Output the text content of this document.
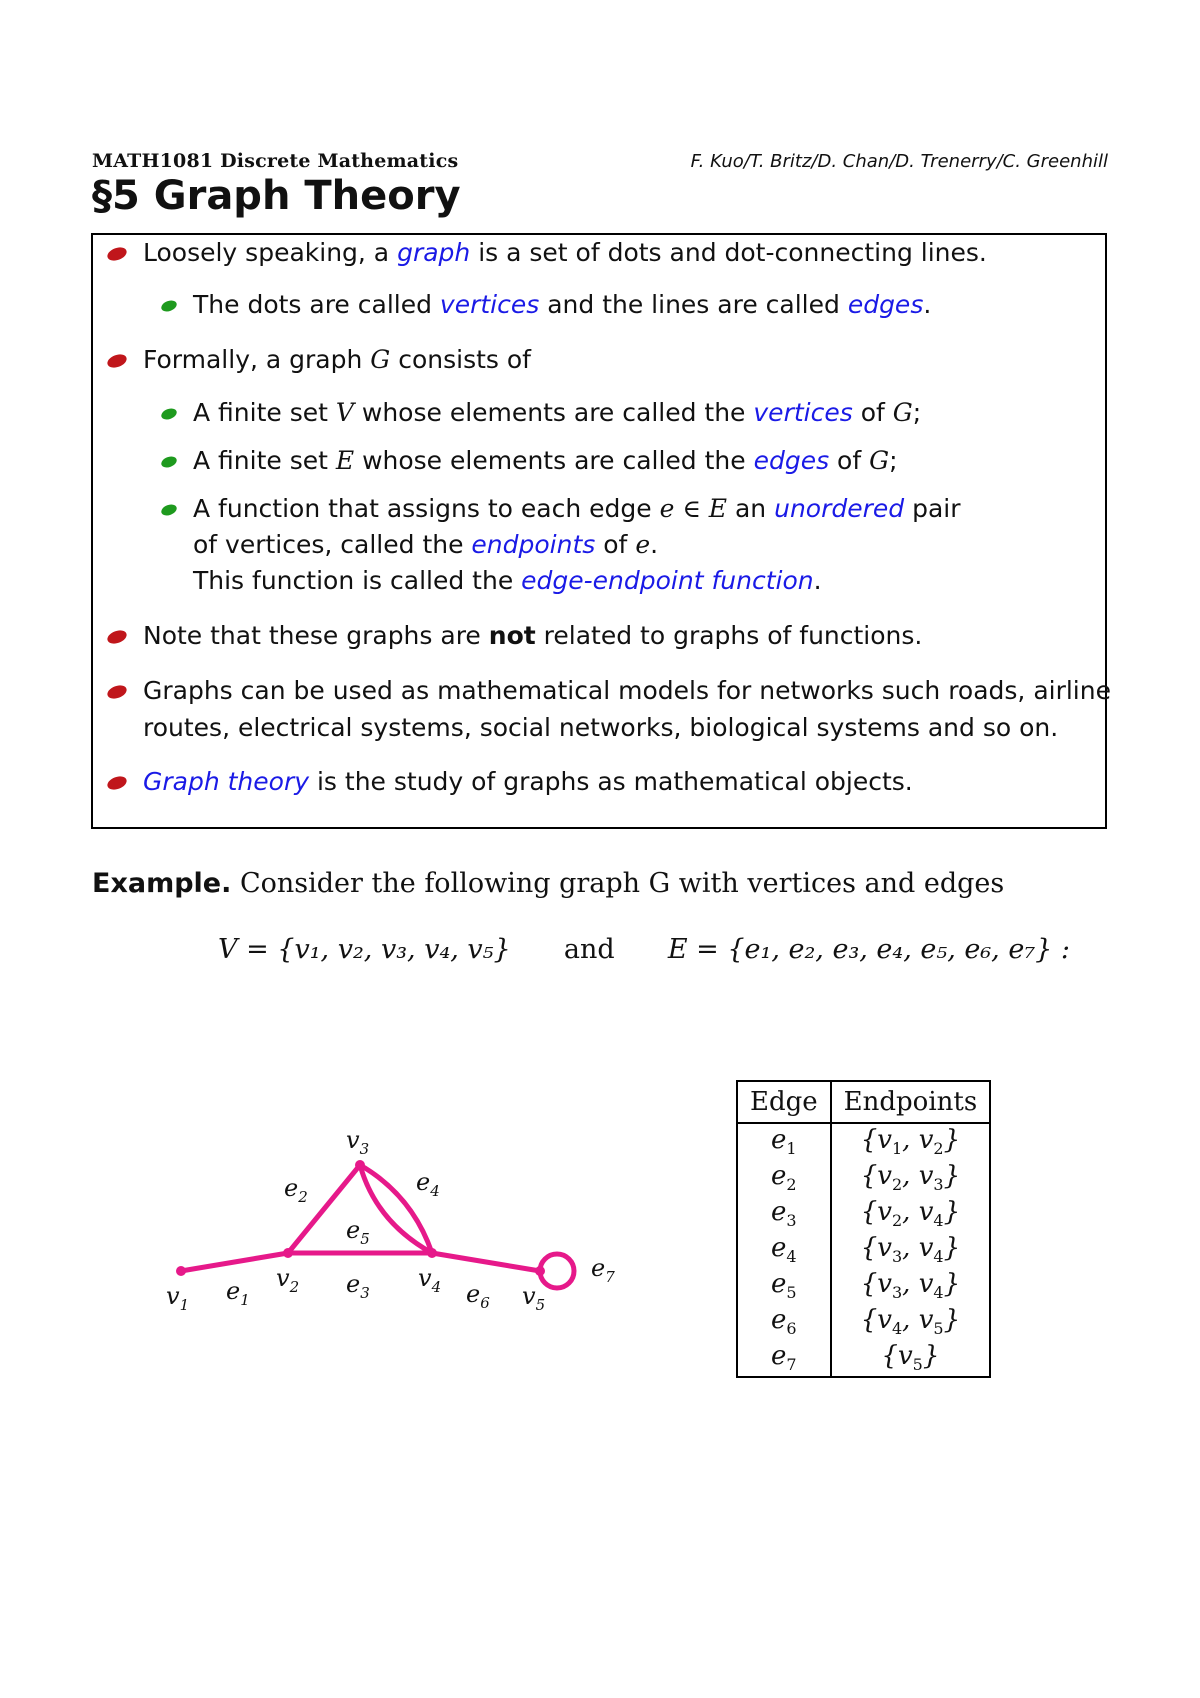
MATH1081 Discrete Mathematics	F. Kuo/T. Britz/D. Chan/D. Trenerry/C. Greenhill
§5 Graph Theory
Loosely speaking, a graph is a set of dots and dot-connecting lines.
The dots are called vertices and the lines are called edges.
Formally, a graph G consists of
A finite set V whose elements are called the vertices of G;
A finite set E whose elements are called the edges of G;
A function that assigns to each edge e ∈ E an unordered pair
of vertices, called the endpoints of e.
This function is called the edge-endpoint function.
Note that these graphs are not related to graphs of functions.
Graphs can be used as mathematical models for networks such roads, airline
routes, electrical systems, social networks, biological systems and so on.
Graph theory is the study of graphs as mathematical objects.
Example. Consider the following graph G with vertices and edges
V = {v₁, v₂, v₃, v₄, v₅} and E = {e₁, e₂, e₃, e₄, e₅, e₆, e₇} :
$v_1$
$v_2$
$v_3$
$v_4$	$v_5$
$e_1$
$e_2$
$e_3$
$e_4$
$e_5$
$e_6$
$e_7$
Edge	Endpoints
$e_1$	{$v_1$, $v_2$}
$e_2$	{$v_2$, $v_3$}
$e_3$	{$v_2$, $v_4$}
$e_4$	{$v_3$, $v_4$}
$e_5$	{$v_3$, $v_4$}
$e_6$	{$v_4$, $v_5$}
$e_7$	$\{v_5\}$
